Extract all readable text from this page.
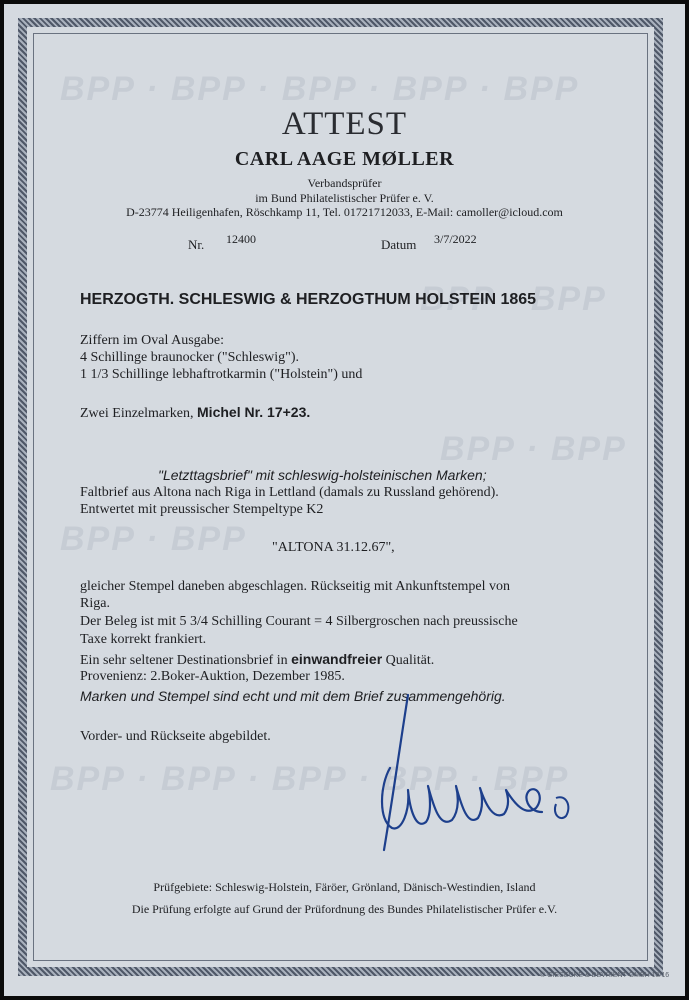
BPP · BPP · BPP · BPP · BPP
BPP · BPP
BPP · BPP
BPP · BPP
BPP · BPP · BPP · BPP · BPP
ATTEST
CARL AAGE MØLLER
Verbandsprüfer
im Bund Philatelistischer Prüfer e. V.
D-23774 Heiligenhafen, Röschkamp 11, Tel. 01721712033, E-Mail: camoller@icloud.com
Nr. 12400	Datum 3/7/2022
HERZOGTH. SCHLESWIG & HERZOGTHUM HOLSTEIN 1865
Ziffern im Oval Ausgabe:
4 Schillinge braunocker ("Schleswig").
1 1/3 Schillinge lebhaftrotkarmin ("Holstein") und
Zwei Einzelmarken, Michel Nr. 17+23.
"Letzttagsbrief" mit schleswig-holsteinischen Marken;
Faltbrief aus Altona nach Riga in Lettland (damals zu Russland gehörend).
Entwertet mit preussischer Stempeltype K2
"ALTONA 31.12.67",
gleicher Stempel daneben abgeschlagen. Rückseitig mit Ankunftstempel von
Riga.
Der Beleg ist mit 5 3/4 Schilling Courant = 4 Silbergroschen nach preussische
Taxe korrekt frankiert.
Ein sehr seltener Destinationsbrief in einwandfreier Qualität.
Provenienz: 2.Boker-Auktion, Dezember 1985.
Marken und Stempel sind echt und mit dem Brief zusammengehörig.
Vorder- und Rückseite abgebildet.
Prüfgebiete: Schleswig-Holstein, Färöer, Grönland, Dänisch-Westindien, Island
Die Prüfung erfolgte auf Grund der Prüfordnung des Bundes Philatelistischer Prüfer e.V.
© GIESECKE & DEVRIENT GMBH 10/16
